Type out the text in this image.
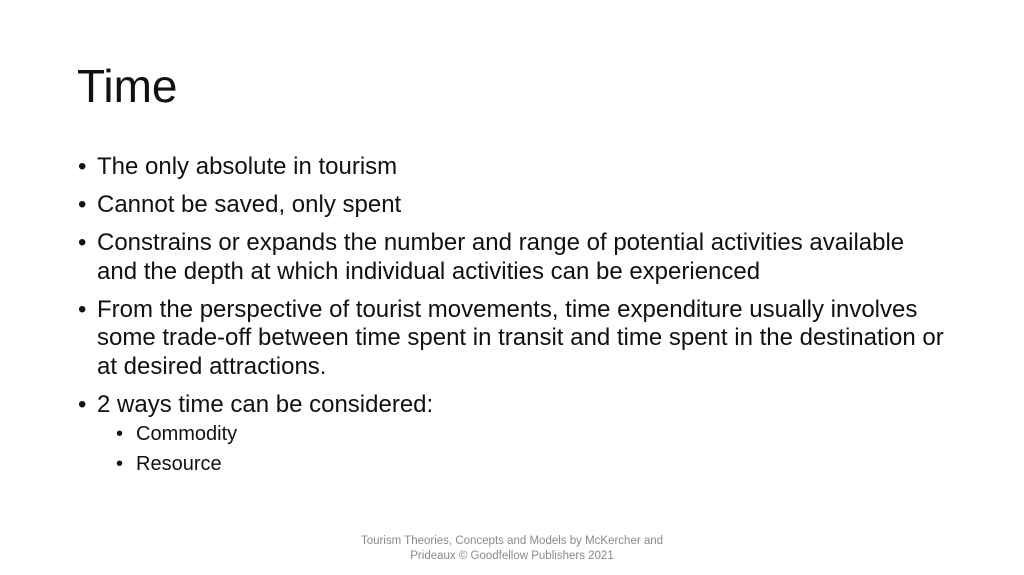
Time
• The only absolute in tourism
• Cannot be saved, only spent
• Constrains or expands the number and range of potential activities available and the depth at which individual activities can be experienced
• From the perspective of tourist movements, time expenditure usually involves some trade-off between time spent in transit and time spent in the destination or at desired attractions.
• 2 ways time can be considered:
• Commodity
• Resource
Tourism Theories, Concepts and Models by McKercher and
Prideaux © Goodfellow Publishers 2021
